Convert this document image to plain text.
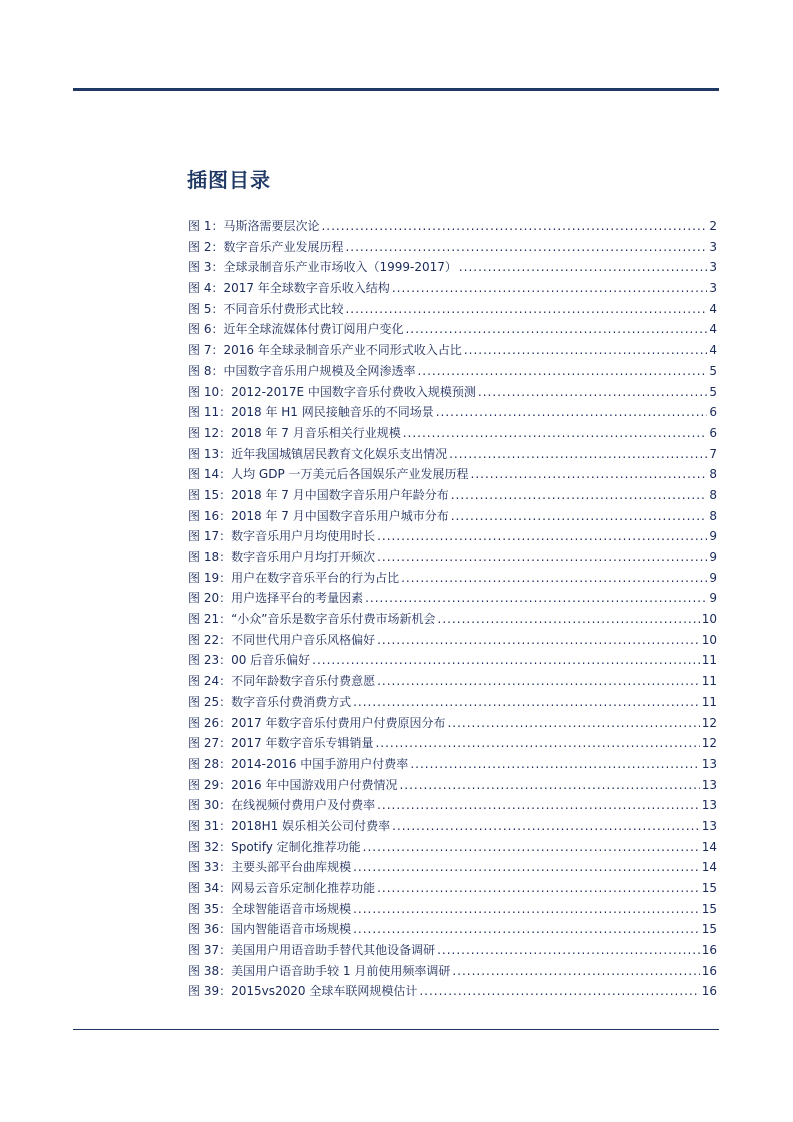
插图目录
图 1：马斯洛需要层次论 .....	2
图 2：数字音乐产业发展历程 .....	3
图 3：全球录制音乐产业市场收入（1999-2017） .....	3
图 4：2017 年全球数字音乐收入结构 .....	3
图 5：不同音乐付费形式比较 .....	4
图 6：近年全球流媒体付费订阅用户变化 .....	4
图 7：2016 年全球录制音乐产业不同形式收入占比 .....	4
图 8：中国数字音乐用户规模及全网渗透率 .....	5
图 10：2012-2017E 中国数字音乐付费收入规模预测 .....	5
图 11：2018 年 H1 网民接触音乐的不同场景 .....	6
图 12：2018 年 7 月音乐相关行业规模 .....	6
图 13：近年我国城镇居民教育文化娱乐支出情况 .....	7
图 14：人均 GDP 一万美元后各国娱乐产业发展历程 .....	8
图 15：2018 年 7 月中国数字音乐用户年龄分布 .....	8
图 16：2018 年 7 月中国数字音乐用户城市分布 .....	8
图 17：数字音乐用户月均使用时长 .....	9
图 18：数字音乐用户月均打开频次 .....	9
图 19：用户在数字音乐平台的行为占比 .....	9
图 20：用户选择平台的考量因素 .....	9
图 21：“小众”音乐是数字音乐付费市场新机会 .....	10
图 22：不同世代用户音乐风格偏好 .....	10
图 23：00 后音乐偏好 .....	11
图 24：不同年龄数字音乐付费意愿 .....	11
图 25：数字音乐付费消费方式 .....	11
图 26：2017 年数字音乐付费用户付费原因分布 .....	12
图 27：2017 年数字音乐专辑销量 .....	12
图 28：2014-2016 中国手游用户付费率 .....	13
图 29：2016 年中国游戏用户付费情况 .....	13
图 30：在线视频付费用户及付费率 .....	13
图 31：2018H1 娱乐相关公司付费率 .....	13
图 32：Spotify 定制化推荐功能 .....	14
图 33：主要头部平台曲库规模 .....	14
图 34：网易云音乐定制化推荐功能 .....	15
图 35：全球智能语音市场规模 .....	15
图 36：国内智能语音市场规模 .....	15
图 37：美国用户用语音助手替代其他设备调研 .....	16
图 38：美国用户语音助手较 1 月前使用频率调研 .....	16
图 39：2015vs2020 全球车联网规模估计 .....	16
